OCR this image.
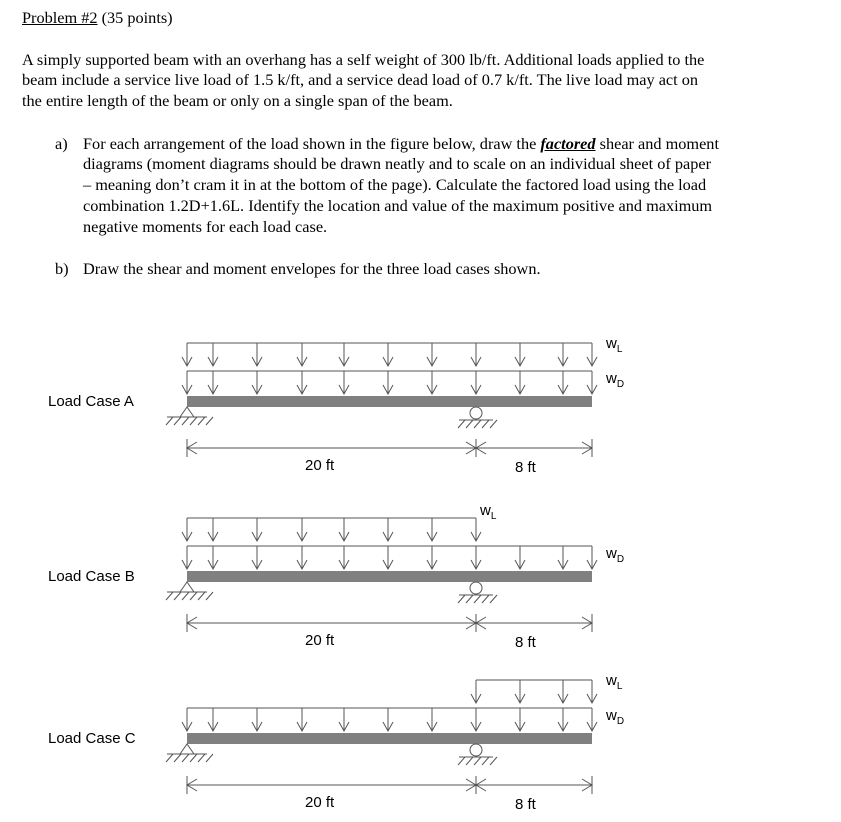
Problem #2 (35 points)
A simply supported beam with an overhang has a self weight of 300 lb/ft. Additional loads applied to the
beam include a service live load of 1.5 k/ft, and a service dead load of 0.7 k/ft. The live load may act on
the entire length of the beam or only on a single span of the beam.
a) For each arrangement of the load shown in the figure below, draw the factored shear and moment
diagrams (moment diagrams should be drawn neatly and to scale on an individual sheet of paper
– meaning don’t cram it in at the bottom of the page). Calculate the factored load using the load
combination 1.2D+1.6L. Identify the location and value of the maximum positive and maximum
negative moments for each load case.
b) Draw the shear and moment envelopes for the three load cases shown.
Load Case A
$w_L$
$w_D$
20 ft	8 ft
Load Case B
$w_L$
$w_D$
20 ft	8 ft
Load Case C
$w_L$
$w_D$
20 ft	8 ft
